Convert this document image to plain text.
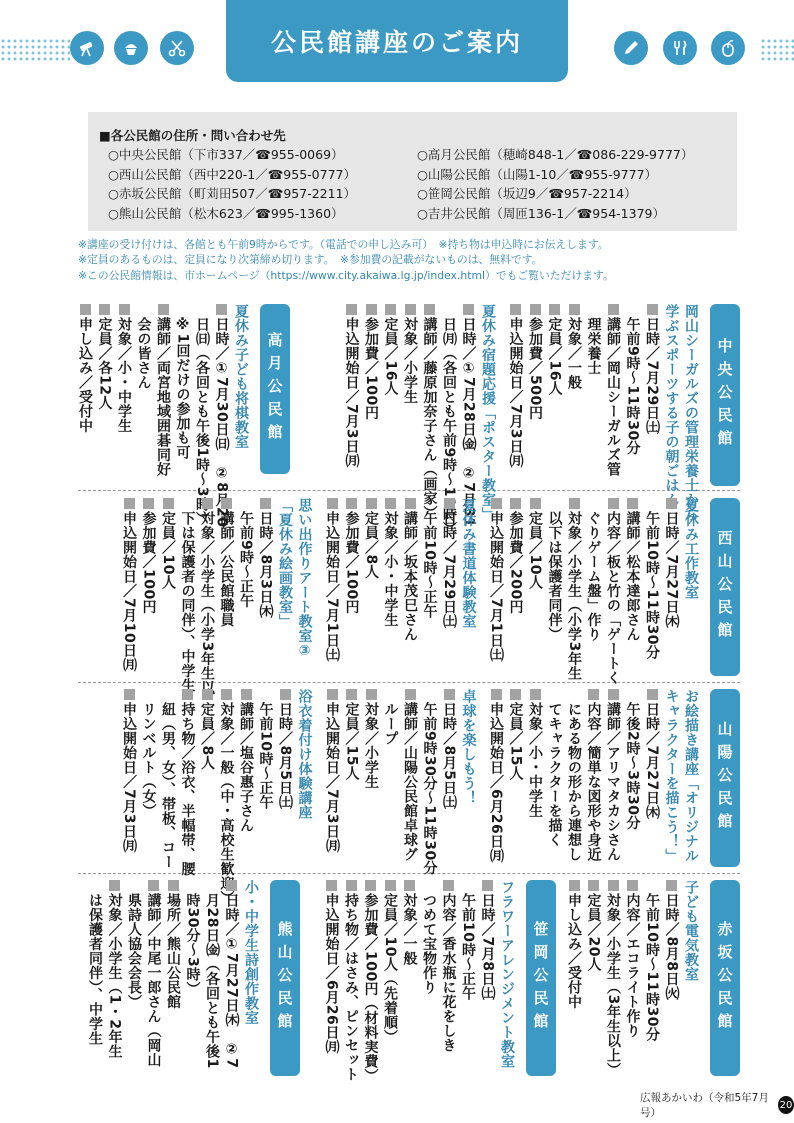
公民館講座のご案内
■各公民館の住所・問い合わせ先
○中央公民館（下市337／☎955-0069）
○西山公民館（西中220-1／☎955-0777）
○赤坂公民館（町苅田507／☎957-2211）
○熊山公民館（松木623／☎995-1360）
○高月公民館（穂崎848-1／☎086-229-9777）
○山陽公民館（山陽1-10／☎955-9777）
○笹岡公民館（坂辺9／☎957-2214）
○吉井公民館（周匝136-1／☎954-1379）
※講座の受け付けは、各館とも午前9時からです。（電話での申し込み可）　※持ち物は申込時にお伝えします。
※定員のあるものは、定員になり次第締め切ります。　※参加費の記載がないものは、無料です。
※この公民館情報は、市ホームページ（https://www.city.akaiwa.lg.jp/index.html）でもご覧いただけます。
中央公民館
岡山シーガルズの管理栄養士から
学ぶスポーツする子の朝ごはん
日時／7月29日㈯
午前9時～11時30分
講師／岡山シーガルズ管
理栄養士
対象／一般
定員／16人
参加費／500円
申込開始日／7月3日㈪
夏休み宿題応援「ポスター教室」
日時／①7月28日㈮　②7月31
日㈪（各回とも午前9時～11時）
講師／藤原加奈子さん（画家）
対象／小学生
定員／16人
参加費／100円
申込開始日／7月3日㈪
高月公民館
夏休み子ども将棋教室
日時／①7月30日㈰　②8月20
日㈰（各回とも午後1時～3時）
※1回だけの参加も可
講師／両宮地域囲碁同好
会の皆さん
対象／小・中学生
定員／各12人
申し込み／受付中
西山公民館
夏休み工作教室
日時／7月27日㈭
午前10時～11時30分
講師／松本達郎さん
内容／板と竹の「ゲートく
ぐりゲーム盤」作り
対象／小学生（小学3年生
以下は保護者同伴）
定員／10人
参加費／200円
申込開始日／7月1日㈯
夏休み書道体験教室
日時／7月29日㈯
午前10時～正午
講師／坂本茂巳さん
対象／小・中学生
定員／8人
参加費／100円
申込開始日／7月1日㈯
思い出作りアート教室③
「夏休み絵画教室」
日時／8月3日㈭
午前9時～正午
講師／公民館職員
対象／小学生（小学3年生以
下は保護者の同伴）、中学生
定員／10人
参加費／100円
申込開始日／7月10日㈪
山陽公民館
お絵描き講座「オリジナル
キャラクターを描こう！」
日時／7月27日㈭
午後2時～3時30分
講師／アリマタカシさん
内容／簡単な図形や身近
にある物の形から連想し
てキャラクターを描く
対象／小・中学生
定員／15人
申込開始日／6月26日㈪
卓球を楽しもう！
日時／8月5日㈯
午前9時30分～11時30分
講師／山陽公民館卓球グ
ループ
対象／小学生
定員／15人
申込開始日／7月3日㈪
浴衣着付け体験講座
日時／8月5日㈯
午前10時～正午
講師／塩谷惠子さん
対象／一般（中・高校生歓迎）
定員／8人
持ち物／浴衣、半幅帯、腰
紐（男、女）、帯板、コー
リンベルト（女）
申込開始日／7月3日㈪
赤坂公民館
子ども電気教室
日時／8月8日㈫
午前10時～11時30分
内容／エコライト作り
対象／小学生（3年生以上）
定員／20人
申し込み／受付中
笹岡公民館
フラワーアレンジメント教室
日時／7月8日㈯
午前10時～正午
内容／香水瓶に花をしき
つめて宝物作り
対象／一般
定員／10人（先着順）
参加費／100円（材料実費）
持ち物／はさみ、ピンセット
申込開始日／6月26日㈪
熊山公民館
小・中学生詩創作教室
日時／①7月27日㈭　②7
月28日㈮（各回とも午後1
時30分～3時）
場所／熊山公民館
講師／中尾一郎さん（岡山
県詩人協会会長）
対象／小学生（1・2年生
は保護者同伴）、中学生
広報あかいわ（令和5年7月号）
20
